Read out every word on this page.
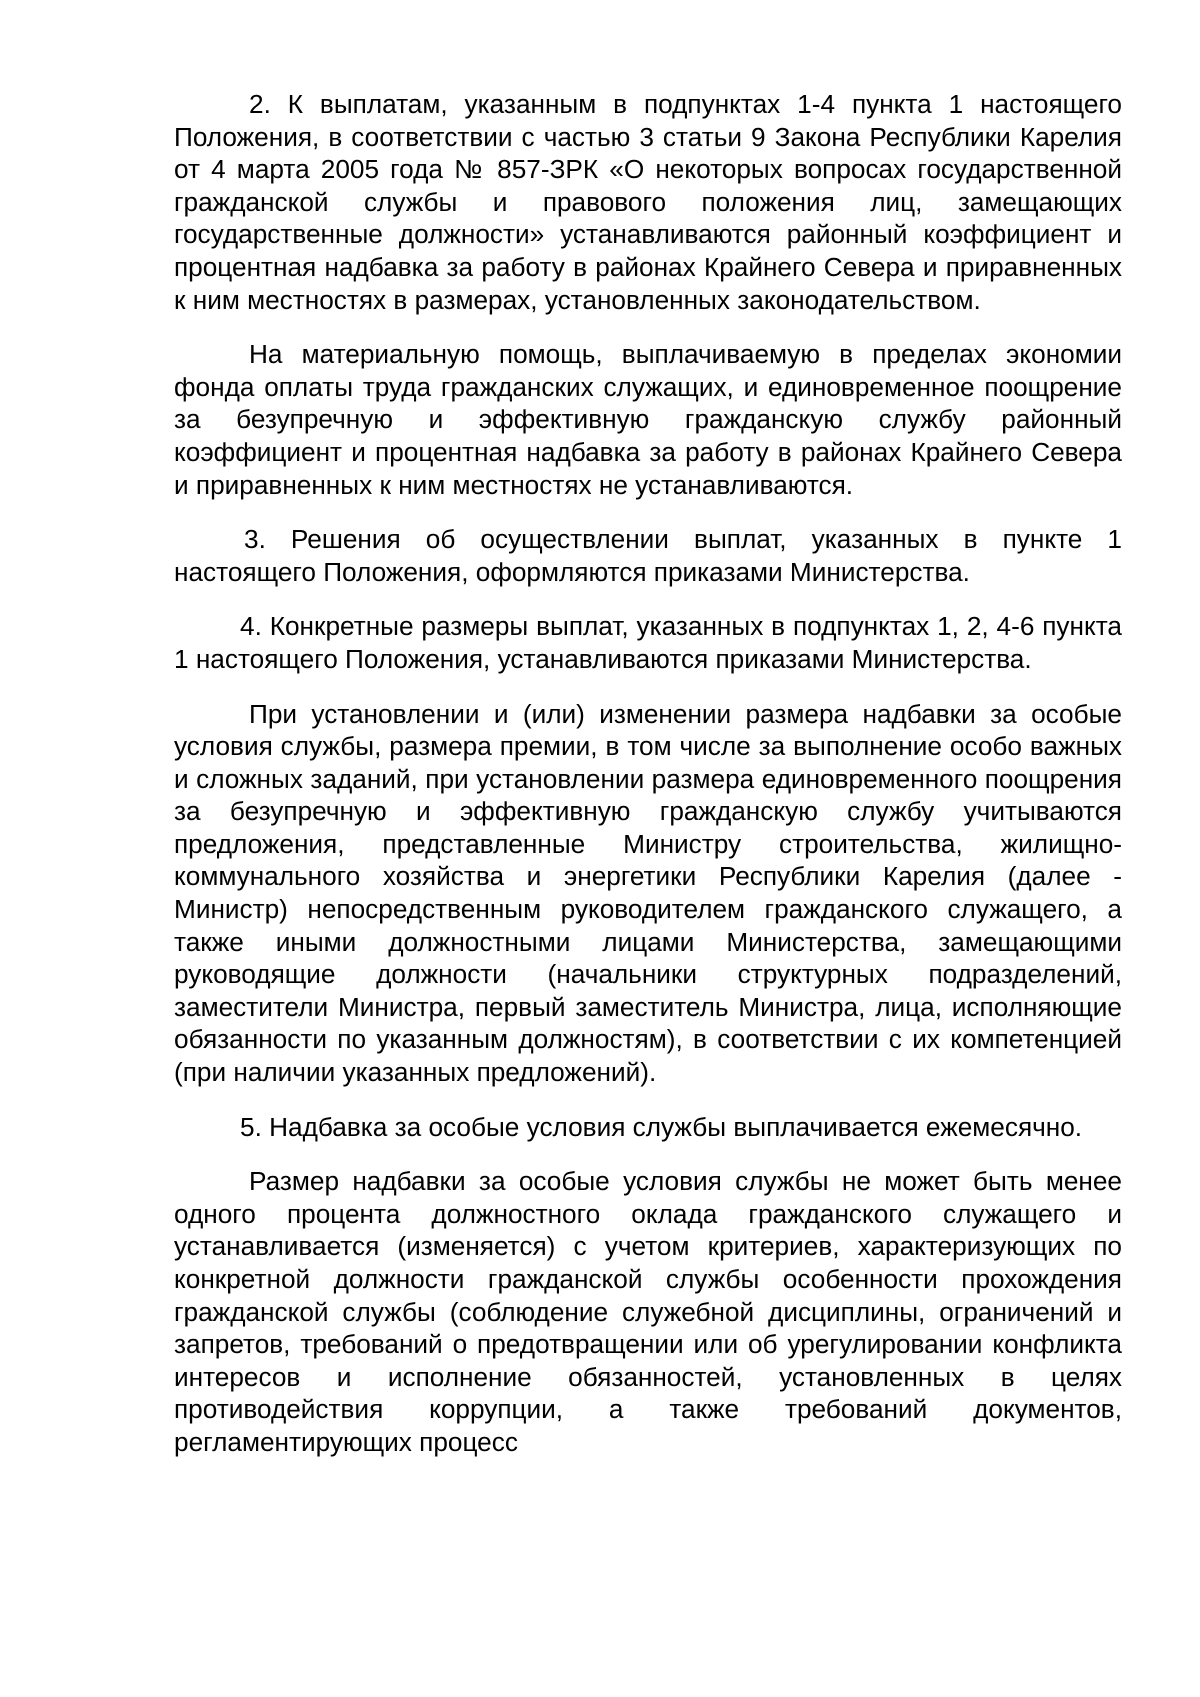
2. К выплатам, указанным в подпунктах 1-4 пункта 1 настоящего Положения, в соответствии с частью 3 статьи 9 Закона Республики Карелия от 4 марта 2005 года № 857-ЗРК «О некоторых вопросах государственной гражданской службы и правового положения лиц, замещающих государственные должности» устанавливаются районный коэффициент и процентная надбавка за работу в районах Крайнего Севера и приравненных к ним местностях в размерах, установленных законодательством.

На материальную помощь, выплачиваемую в пределах экономии фонда оплаты труда гражданских служащих, и единовременное поощрение за безупречную и эффективную гражданскую службу районный коэффициент и процентная надбавка за работу в районах Крайнего Севера и приравненных к ним местностях не устанавливаются.

3. Решения об осуществлении выплат, указанных в пункте 1 настоящего Положения, оформляются приказами Министерства.

4. Конкретные размеры выплат, указанных в подпунктах 1, 2, 4-6 пункта 1 настоящего Положения, устанавливаются приказами Министерства.

При установлении и (или) изменении размера надбавки за особые условия службы, размера премии, в том числе за выполнение особо важных и сложных заданий, при установлении размера единовременного поощрения за безупречную и эффективную гражданскую службу учитываются предложения, представленные Министру строительства, жилищно-коммунального хозяйства и энергетики Республики Карелия (далее - Министр) непосредственным руководителем гражданского служащего, а также иными должностными лицами Министерства, замещающими руководящие должности (начальники структурных подразделений, заместители Министра, первый заместитель Министра, лица, исполняющие обязанности по указанным должностям), в соответствии с их компетенцией (при наличии указанных предложений).

5. Надбавка за особые условия службы выплачивается ежемесячно.

Размер надбавки за особые условия службы не может быть менее одного процента должностного оклада гражданского служащего и устанавливается (изменяется) с учетом критериев, характеризующих по конкретной должности гражданской службы особенности прохождения гражданской службы (соблюдение служебной дисциплины, ограничений и запретов, требований о предотвращении или об урегулировании конфликта интересов и исполнение обязанностей, установленных в целях противодействия коррупции, а также требований документов, регламентирующих процесс
